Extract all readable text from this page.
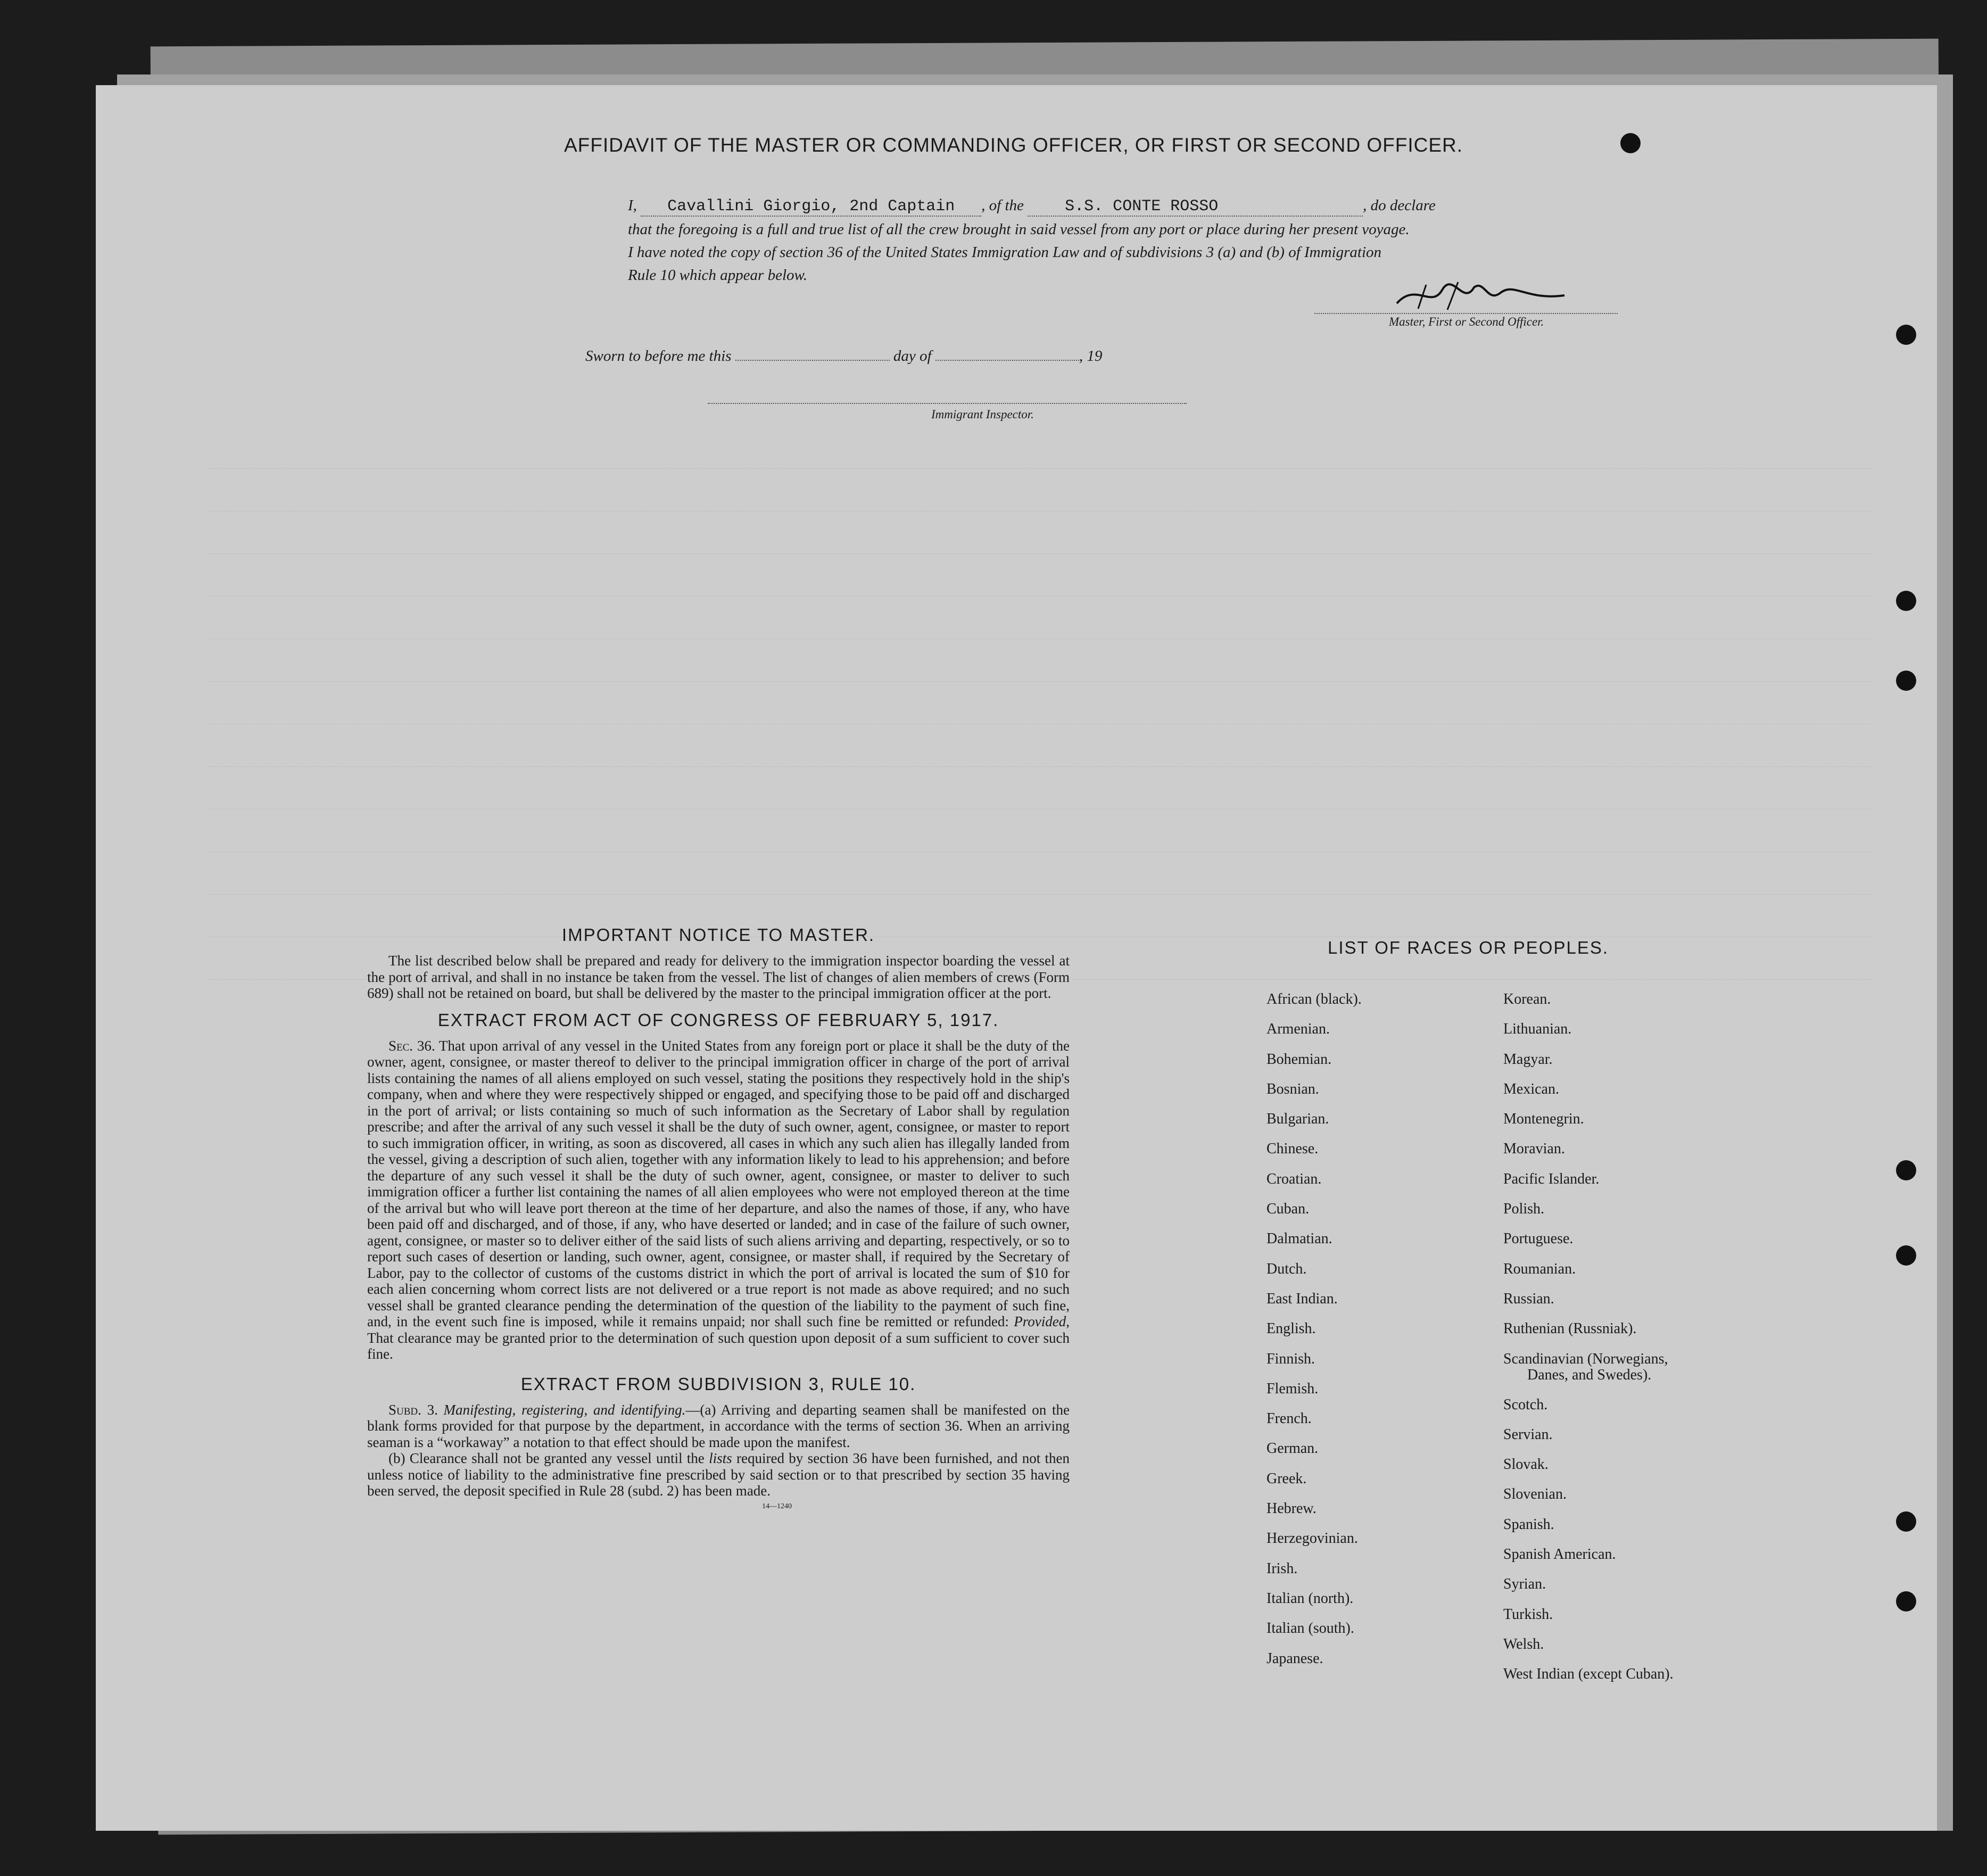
AFFIDAVIT OF THE MASTER OR COMMANDING OFFICER, OR FIRST OR SECOND OFFICER.
I, Cavallini Giorgio, 2nd Captain , of the	S.S. CONTE ROSSO	, do declare
that the foregoing is a full and true list of all the crew brought in said vessel from any port or place during her present voyage.
I have noted the copy of section 36 of the United States Immigration Law and of subdivisions 3 (a) and (b) of Immigration
Rule 10 which appear below.
Master, First or Second Officer.
Sworn to before me this	day of	, 19
Immigrant Inspector.
IMPORTANT NOTICE TO MASTER.
The list described below shall be prepared and ready for delivery to the immigration inspector boarding the vessel at the port of arrival, and shall in no instance be taken from the vessel. The list of changes of alien members of crews (Form 689) shall not be retained on board, but shall be delivered by the master to the principal immigration officer at the port.
EXTRACT FROM ACT OF CONGRESS OF FEBRUARY 5, 1917.
Sec. 36. That upon arrival of any vessel in the United States from any foreign port or place it shall be the duty of the owner, agent, consignee, or master thereof to deliver to the principal immigration officer in charge of the port of arrival lists containing the names of all aliens employed on such vessel, stating the positions they respectively hold in the ship's company, when and where they were respectively shipped or engaged, and specifying those to be paid off and discharged in the port of arrival; or lists containing so much of such information as the Secretary of Labor shall by regulation prescribe; and after the arrival of any such vessel it shall be the duty of such owner, agent, consignee, or master to report to such immigration officer, in writing, as soon as discovered, all cases in which any such alien has illegally landed from the vessel, giving a description of such alien, together with any information likely to lead to his apprehension; and before the departure of any such vessel it shall be the duty of such owner, agent, consignee, or master to deliver to such immigration officer a further list containing the names of all alien employees who were not employed thereon at the time of the arrival but who will leave port thereon at the time of her departure, and also the names of those, if any, who have been paid off and discharged, and of those, if any, who have deserted or landed; and in case of the failure of such owner, agent, consignee, or master so to deliver either of the said lists of such aliens arriving and departing, respectively, or so to report such cases of desertion or landing, such owner, agent, consignee, or master shall, if required by the Secretary of Labor, pay to the collector of customs of the customs district in which the port of arrival is located the sum of $10 for each alien concerning whom correct lists are not delivered or a true report is not made as above required; and no such vessel shall be granted clearance pending the determination of the question of the liability to the payment of such fine, and, in the event such fine is imposed, while it remains unpaid; nor shall such fine be remitted or refunded: Provided, That clearance may be granted prior to the determination of such question upon deposit of a sum sufficient to cover such fine.
EXTRACT FROM SUBDIVISION 3, RULE 10.
Subd. 3. Manifesting, registering, and identifying.—(a) Arriving and departing seamen shall be manifested on the blank forms provided for that purpose by the department, in accordance with the terms of section 36. When an arriving seaman is a “workaway” a notation to that effect should be made upon the manifest.
(b) Clearance shall not be granted any vessel until the lists required by section 36 have been furnished, and not then unless notice of liability to the administrative fine prescribed by said section or to that prescribed by section 35 having been served, the deposit specified in Rule 28 (subd. 2) has been made.
14—1240
LIST OF RACES OR PEOPLES.
African (black).
Armenian.
Bohemian.
Bosnian.
Bulgarian.
Chinese.
Croatian.
Cuban.
Dalmatian.
Dutch.
East Indian.
English.
Finnish.
Flemish.
French.
German.
Greek.
Hebrew.
Herzegovinian.
Irish.
Italian (north).
Italian (south).
Japanese.
Korean.
Lithuanian.
Magyar.
Mexican.
Montenegrin.
Moravian.
Pacific Islander.
Polish.
Portuguese.
Roumanian.
Russian.
Ruthenian (Russniak).
Scandinavian (Norwegians,
Danes, and Swedes).
Scotch.
Servian.
Slovak.
Slovenian.
Spanish.
Spanish American.
Syrian.
Turkish.
Welsh.
West Indian (except Cuban).
